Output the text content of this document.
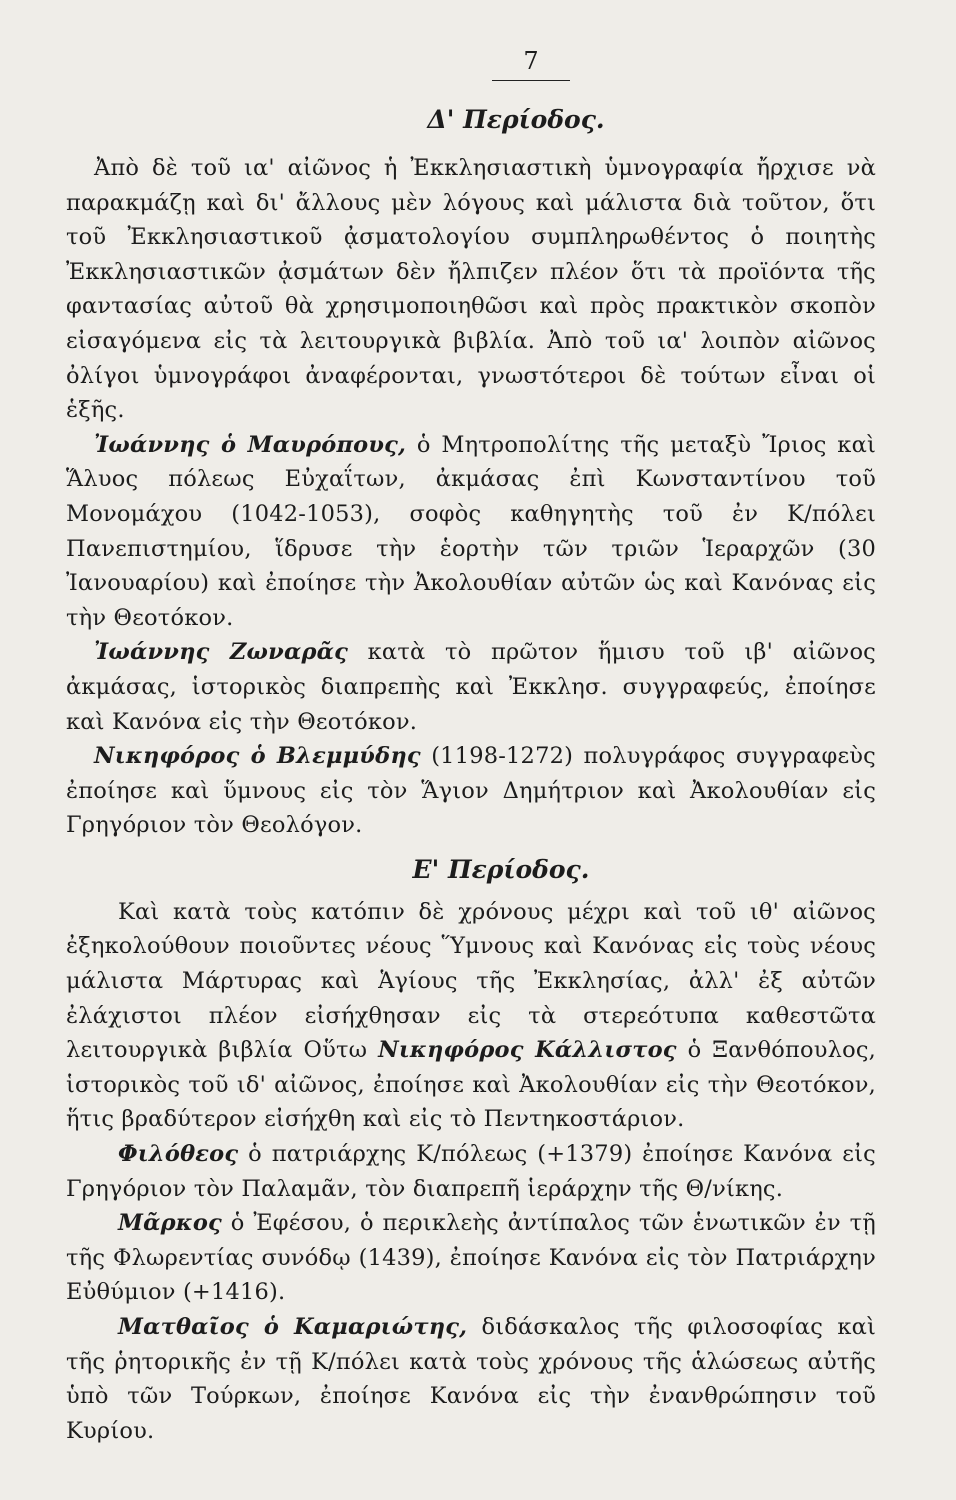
7
Δ' Περίοδος.

Ἀπὸ δὲ τοῦ ια' αἰῶνος ἡ Ἐκκλησιαστικὴ ὑμνογραφία ἤρχισε νὰ παρακμάζῃ καὶ δι' ἄλλους μὲν λόγους καὶ μάλιστα διὰ τοῦτον, ὅτι τοῦ Ἐκκλησιαστικοῦ ᾀσματολογίου συμπληρωθέντος ὁ ποιητὴς Ἐκκλησιαστικῶν ᾀσμάτων δὲν ἤλπιζεν πλέον ὅτι τὰ προϊόντα τῆς φαντασίας αὐτοῦ θὰ χρησιμοποιηθῶσι καὶ πρὸς πρακτικὸν σκοπὸν εἰσαγόμενα εἰς τὰ λειτουργικὰ βιβλία. Ἀπὸ τοῦ ια' λοιπὸν αἰῶνος ὀλίγοι ὑμνογράφοι ἀναφέρονται, γνωστότεροι δὲ τούτων εἶναι οἱ ἑξῆς.

Ἰωάννης ὁ Μαυρόπους, ὁ Μητροπολίτης τῆς μεταξὺ Ἴριος καὶ Ἅλυος πόλεως Εὐχαΐτων, ἀκμάσας ἐπὶ Κωνσταντίνου τοῦ Μονομάχου (1042-1053), σοφὸς καθηγητὴς τοῦ ἐν Κ/πόλει Πανεπιστημίου, ἵδρυσε τὴν ἑορτὴν τῶν τριῶν Ἱεραρχῶν (30 Ἰανουαρίου) καὶ ἐποίησε τὴν Ἀκολουθίαν αὐτῶν ὡς καὶ Κανόνας εἰς τὴν Θεοτόκον.

Ἰωάννης Ζωναρᾶς κατὰ τὸ πρῶτον ἥμισυ τοῦ ιβ' αἰῶνος ἀκμάσας, ἱστορικὸς διαπρεπὴς καὶ Ἐκκλησ. συγγραφεύς, ἐποίησε καὶ Κανόνα εἰς τὴν Θεοτόκον.

Νικηφόρος ὁ Βλεμμύδης (1198-1272) πολυγράφος συγγραφεὺς ἐποίησε καὶ ὕμνους εἰς τὸν Ἅγιον Δημήτριον καὶ Ἀκολουθίαν εἰς Γρηγόριον τὸν Θεολόγον.

Ε' Περίοδος.

Καὶ κατὰ τοὺς κατόπιν δὲ χρόνους μέχρι καὶ τοῦ ιθ' αἰῶνος ἐξηκολούθουν ποιοῦντες νέους Ὕμνους καὶ Κανόνας εἰς τοὺς νέους μάλιστα Μάρτυρας καὶ Ἁγίους τῆς Ἐκκλησίας, ἀλλ' ἐξ αὐτῶν ἐλάχιστοι πλέον εἰσήχθησαν εἰς τὰ στερεότυπα καθεστῶτα λειτουργικὰ βιβλία Οὕτω Νικηφόρος Κάλλιστος ὁ Ξανθόπουλος, ἱστορικὸς τοῦ ιδ' αἰῶνος, ἐποίησε καὶ Ἀκολουθίαν εἰς τὴν Θεοτόκον, ἥτις βραδύτερον εἰσήχθη καὶ εἰς τὸ Πεντηκοστάριον.

Φιλόθεος ὁ πατριάρχης Κ/πόλεως (+1379) ἐποίησε Κανόνα εἰς Γρηγόριον τὸν Παλαμᾶν, τὸν διαπρεπῆ ἱεράρχην τῆς Θ/νίκης.

Μᾶρκος ὁ Ἐφέσου, ὁ περικλεὴς ἀντίπαλος τῶν ἑνωτικῶν ἐν τῇ τῆς Φλωρεντίας συνόδῳ (1439), ἐποίησε Κανόνα εἰς τὸν Πατριάρχην Εὐθύμιον (+1416).

Ματθαῖος ὁ Καμαριώτης, διδάσκαλος τῆς φιλοσοφίας καὶ τῆς ῥητορικῆς ἐν τῇ Κ/πόλει κατὰ τοὺς χρόνους τῆς ἁλώσεως αὐτῆς ὑπὸ τῶν Τούρκων, ἐποίησε Κανόνα εἰς τὴν ἐνανθρώπησιν τοῦ Κυρίου.
